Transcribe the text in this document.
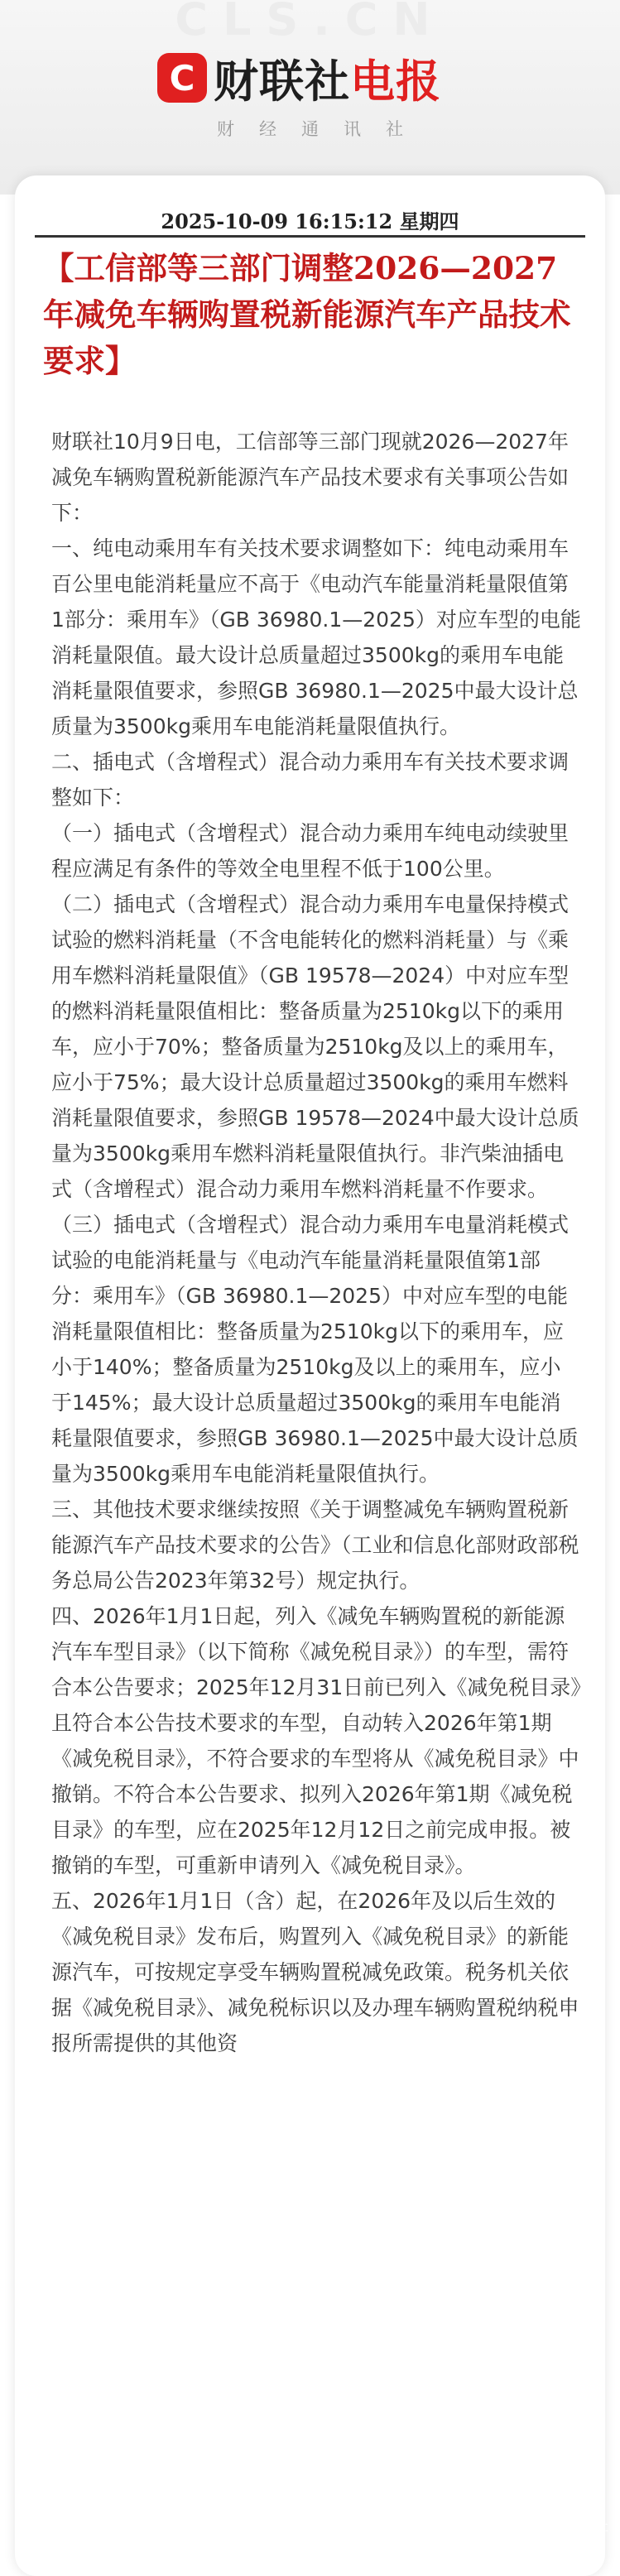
CLS.CN
C 财联社 电报
财经通讯社
2025-10-09 16:15:12 星期四
【工信部等三部门调整2026—2027年减免车辆购置税新能源汽车产品技术要求】

财联社10月9日电，工信部等三部门现就2026—2027年减免车辆购置税新能源汽车产品技术要求有关事项公告如下：

一、纯电动乘用车有关技术要求调整如下：纯电动乘用车百公里电能消耗量应不高于《电动汽车能量消耗量限值第1部分：乘用车》（GB 36980.1—2025）对应车型的电能消耗量限值。最大设计总质量超过3500kg的乘用车电能消耗量限值要求，参照GB 36980.1—2025中最大设计总质量为3500kg乘用车电能消耗量限值执行。

二、插电式（含增程式）混合动力乘用车有关技术要求调整如下：

（一）插电式（含增程式）混合动力乘用车纯电动续驶里程应满足有条件的等效全电里程不低于100公里。

（二）插电式（含增程式）混合动力乘用车电量保持模式试验的燃料消耗量（不含电能转化的燃料消耗量）与《乘用车燃料消耗量限值》（GB 19578—2024）中对应车型的燃料消耗量限值相比：整备质量为2510kg以下的乘用车，应小于70%；整备质量为2510kg及以上的乘用车，应小于75%；最大设计总质量超过3500kg的乘用车燃料消耗量限值要求，参照GB 19578—2024中最大设计总质量为3500kg乘用车燃料消耗量限值执行。非汽柴油插电式（含增程式）混合动力乘用车燃料消耗量不作要求。

（三）插电式（含增程式）混合动力乘用车电量消耗模式试验的电能消耗量与《电动汽车能量消耗量限值第1部分：乘用车》（GB 36980.1—2025）中对应车型的电能消耗量限值相比：整备质量为2510kg以下的乘用车，应小于140%；整备质量为2510kg及以上的乘用车，应小于145%；最大设计总质量超过3500kg的乘用车电能消耗量限值要求，参照GB 36980.1—2025中最大设计总质量为3500kg乘用车电能消耗量限值执行。

三、其他技术要求继续按照《关于调整减免车辆购置税新能源汽车产品技术要求的公告》（工业和信息化部财政部税务总局公告2023年第32号）规定执行。

四、2026年1月1日起，列入《减免车辆购置税的新能源汽车车型目录》（以下简称《减免税目录》）的车型，需符合本公告要求；2025年12月31日前已列入《减免税目录》且符合本公告技术要求的车型，自动转入2026年第1期《减免税目录》，不符合要求的车型将从《减免税目录》中撤销。不符合本公告要求、拟列入2026年第1期《减免税目录》的车型，应在2025年12月12日之前完成申报。被撤销的车型，可重新申请列入《减免税目录》。

五、2026年1月1日（含）起，在2026年及以后生效的《减免税目录》发布后，购置列入《减免税目录》的新能源汽车，可按规定享受车辆购置税减免政策。税务机关依据《减免税目录》、减免税标识以及办理车辆购置税纳税申报所需提供的其他资

@财联社
